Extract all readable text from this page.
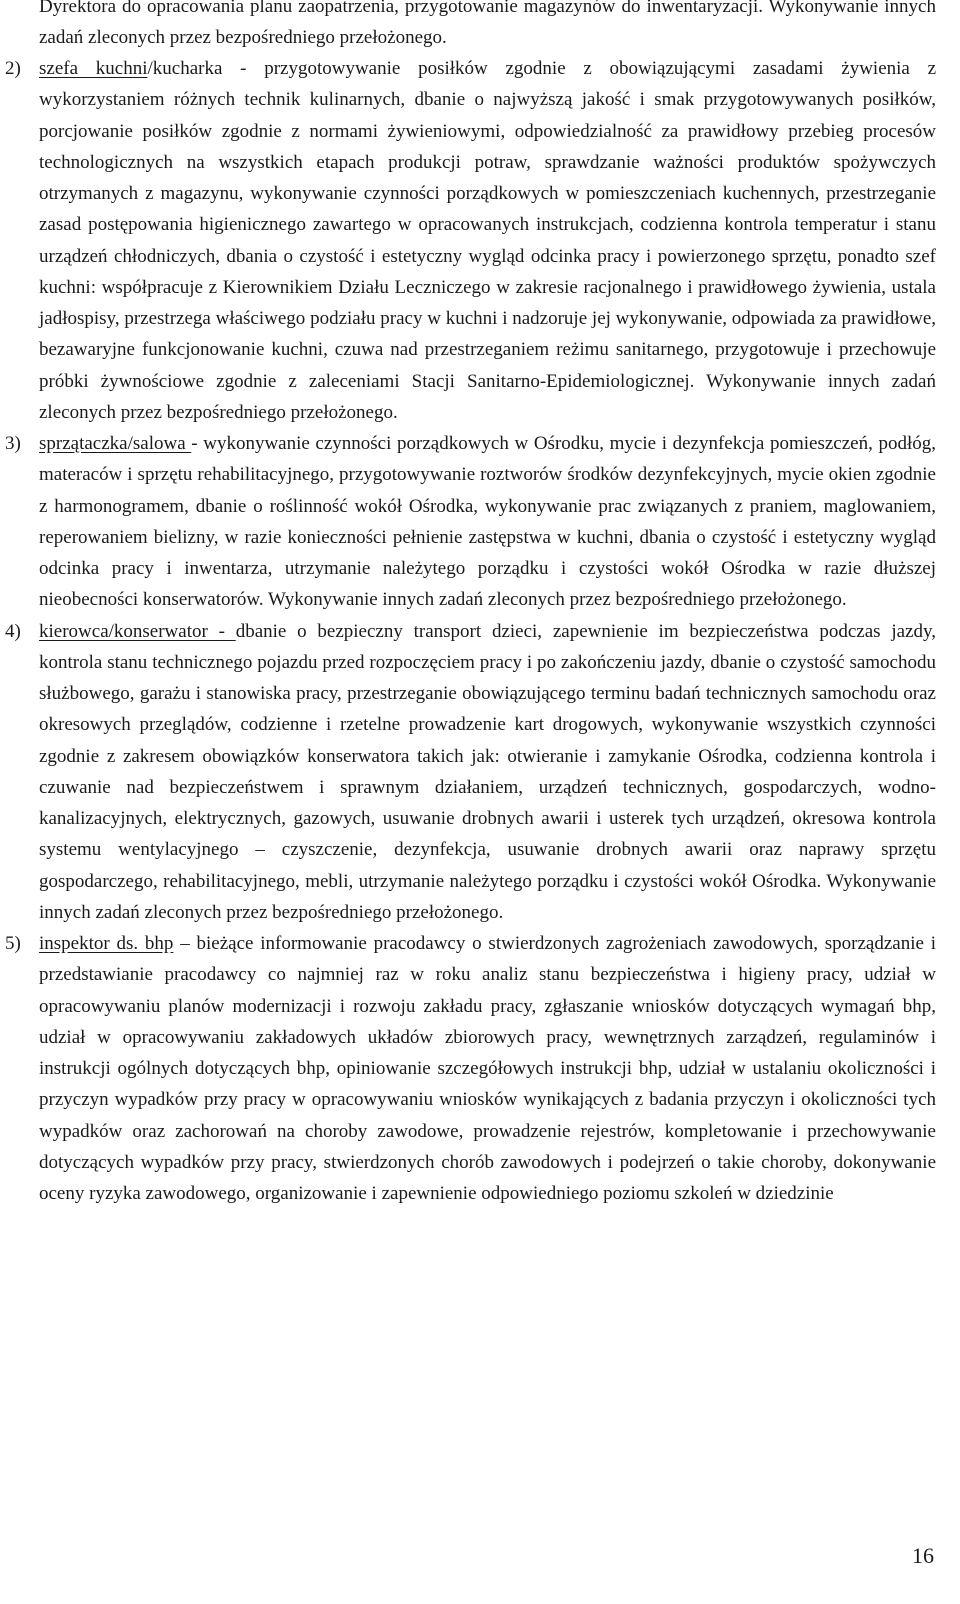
Dyrektora do opracowania planu zaopatrzenia, przygotowanie magazynów do inwentaryzacji. Wykonywanie innych zadań zleconych przez bezpośredniego przełożonego.

2) szefa kuchni/kucharka - przygotowywanie posiłków zgodnie z obowiązującymi zasadami żywienia z wykorzystaniem różnych technik kulinarnych, dbanie o najwyższą jakość i smak przygotowywanych posiłków, porcjowanie posiłków zgodnie z normami żywieniowymi, odpowiedzialność za prawidłowy przebieg procesów technologicznych na wszystkich etapach produkcji potraw, sprawdzanie ważności produktów spożywczych otrzymanych z magazynu, wykonywanie czynności porządkowych w pomieszczeniach kuchennych, przestrzeganie zasad postępowania higienicznego zawartego w opracowanych instrukcjach, codzienna kontrola temperatur i stanu urządzeń chłodniczych, dbania o czystość i estetyczny wygląd odcinka pracy i powierzonego sprzętu, ponadto szef kuchni: współpracuje z Kierownikiem Działu Leczniczego w zakresie racjonalnego i prawidłowego żywienia, ustala jadłospisy, przestrzega właściwego podziału pracy w kuchni i nadzoruje jej wykonywanie, odpowiada za prawidłowe, bezawaryjne funkcjonowanie kuchni, czuwa nad przestrzeganiem reżimu sanitarnego, przygotowuje i przechowuje próbki żywnościowe zgodnie z zaleceniami Stacji Sanitarno-Epidemiologicznej. Wykonywanie innych zadań zleconych przez bezpośredniego przełożonego.
3) sprzątaczka/salowa - wykonywanie czynności porządkowych w Ośrodku, mycie i dezynfekcja pomieszczeń, podłóg, materaców i sprzętu rehabilitacyjnego, przygotowywanie roztworów środków dezynfekcyjnych, mycie okien zgodnie z harmonogramem, dbanie o roślinność wokół Ośrodka, wykonywanie prac związanych z praniem, maglowaniem, reperowaniem bielizny, w razie konieczności pełnienie zastępstwa w kuchni, dbania o czystość i estetyczny wygląd odcinka pracy i inwentarza, utrzymanie należytego porządku i czystości wokół Ośrodka w razie dłuższej nieobecności konserwatorów. Wykonywanie innych zadań zleconych przez bezpośredniego przełożonego.
4) kierowca/konserwator - dbanie o bezpieczny transport dzieci, zapewnienie im bezpieczeństwa podczas jazdy, kontrola stanu technicznego pojazdu przed rozpoczęciem pracy i po zakończeniu jazdy, dbanie o czystość samochodu służbowego, garażu i stanowiska pracy, przestrzeganie obowiązującego terminu badań technicznych samochodu oraz okresowych przeglądów, codzienne i rzetelne prowadzenie kart drogowych, wykonywanie wszystkich czynności zgodnie z zakresem obowiązków konserwatora takich jak: otwieranie i zamykanie Ośrodka, codzienna kontrola i czuwanie nad bezpieczeństwem i sprawnym działaniem, urządzeń technicznych, gospodarczych, wodno-kanalizacyjnych, elektrycznych, gazowych, usuwanie drobnych awarii i usterek tych urządzeń, okresowa kontrola systemu wentylacyjnego – czyszczenie, dezynfekcja, usuwanie drobnych awarii oraz naprawy sprzętu gospodarczego, rehabilitacyjnego, mebli, utrzymanie należytego porządku i czystości wokół Ośrodka. Wykonywanie innych zadań zleconych przez bezpośredniego przełożonego.
5) inspektor ds. bhp – bieżące informowanie pracodawcy o stwierdzonych zagrożeniach zawodowych, sporządzanie i przedstawianie pracodawcy co najmniej raz w roku analiz stanu bezpieczeństwa i higieny pracy, udział w opracowywaniu planów modernizacji i rozwoju zakładu pracy, zgłaszanie wniosków dotyczących wymagań bhp, udział w opracowywaniu zakładowych układów zbiorowych pracy, wewnętrznych zarządzeń, regulaminów i instrukcji ogólnych dotyczących bhp, opiniowanie szczegółowych instrukcji bhp, udział w ustalaniu okoliczności i przyczyn wypadków przy pracy w opracowywaniu wniosków wynikających z badania przyczyn i okoliczności tych wypadków oraz zachorowań na choroby zawodowe, prowadzenie rejestrów, kompletowanie i przechowywanie dotyczących wypadków przy pracy, stwierdzonych chorób zawodowych i podejrzeń o takie choroby, dokonywanie oceny ryzyka zawodowego, organizowanie i zapewnienie odpowiedniego poziomu szkoleń w dziedzinie
16
